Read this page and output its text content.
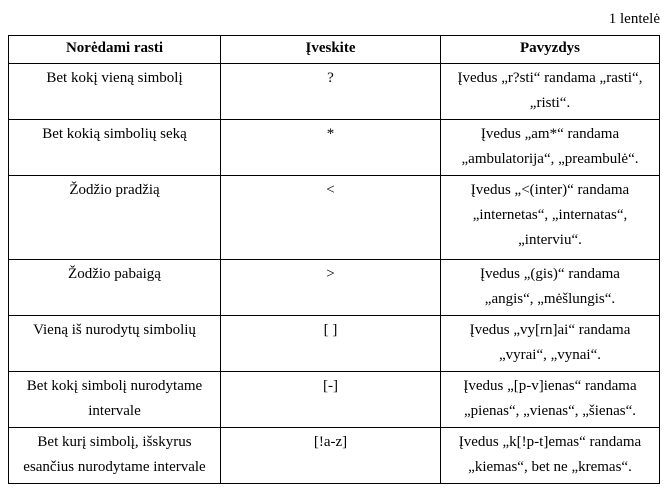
1 lentelė
Norėdami rasti	Įveskite	Pavyzdys
Bet kokį vieną simbolį	?	Įvedus „r?sti“ randama „rasti“, „risti“.
Bet kokią simbolių seką	*	Įvedus „am*“ randama „ambulatorija“, „preambulė“.
Žodžio pradžią	<	Įvedus „<(inter)“ randama „internetas“, „internatas“, „interviu“.
Žodžio pabaigą	>	Įvedus „(gis)“ randama „angis“, „mėšlungis“.
Vieną iš nurodytų simbolių	[ ]	Įvedus „vy[rn]ai“ randama „vyrai“, „vynai“.
Bet kokį simbolį nurodytame intervale	[-]	Įvedus „[p-v]ienas“ randama „pienas“, „vienas“, „šienas“.
Bet kurį simbolį, išskyrus esančius nurodytame intervale	[!a-z]	Įvedus „k[!p-t]emas“ randama „kiemas“, bet ne „kremas“.
